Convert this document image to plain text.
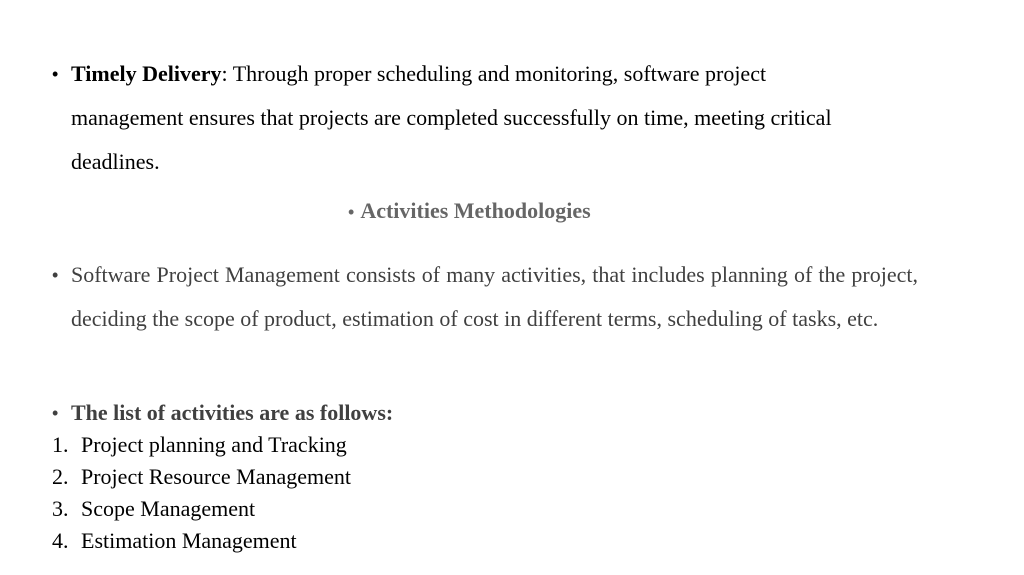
• Timely Delivery: Through proper scheduling and monitoring, software project management ensures that projects are completed successfully on time, meeting critical deadlines.
• Activities Methodologies
• Software Project Management consists of many activities, that includes planning of the project, deciding the scope of product, estimation of cost in different terms, scheduling of tasks, etc.
• The list of activities are as follows:
1. Project planning and Tracking
2. Project Resource Management
3. Scope Management
4. Estimation Management
